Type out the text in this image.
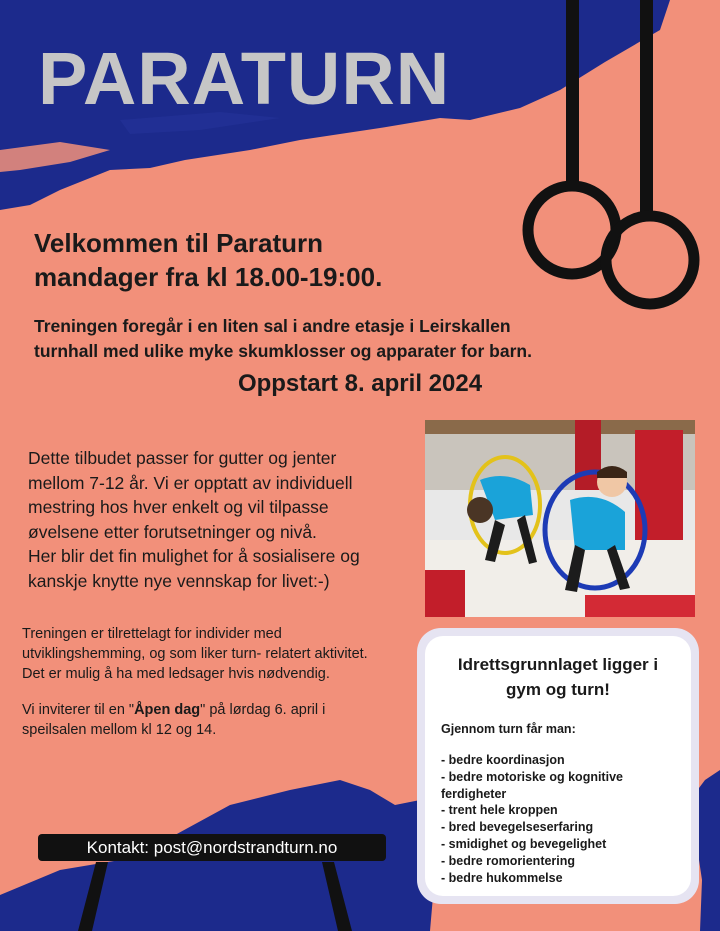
PARATURN
Velkommen til Paraturn
mandager fra kl 18.00-19:00.
Treningen foregår i en liten sal i andre etasje i Leirskallen
turnhall med ulike myke skumklosser og apparater for barn.
Oppstart 8. april 2024
Dette tilbudet passer for gutter og jenter
mellom 7-12 år. Vi er opptatt av individuell
mestring hos hver enkelt og vil tilpasse
øvelsene etter forutsetninger og nivå.
Her blir det fin mulighet for å sosialisere og
kanskje knytte nye vennskap for livet:-)

Treningen er tilrettelagt for individer med
utviklingshemming, og som liker turn- relatert aktivitet.
Det er mulig å ha med ledsager hvis nødvendig.

Vi inviterer til en "Åpen dag" på lørdag 6. april i
speilsalen mellom kl 12 og 14.

Idrettsgrunnlaget ligger i
gym og turn!
Gjennom turn får man:
- bedre koordinasjon
- bedre motoriske og kognitive
ferdigheter
- trent hele kroppen
- bred bevegelseserfaring
- smidighet og bevegelighet
- bedre romorientering
- bedre hukommelse
Kontakt: post@nordstrandturn.no
